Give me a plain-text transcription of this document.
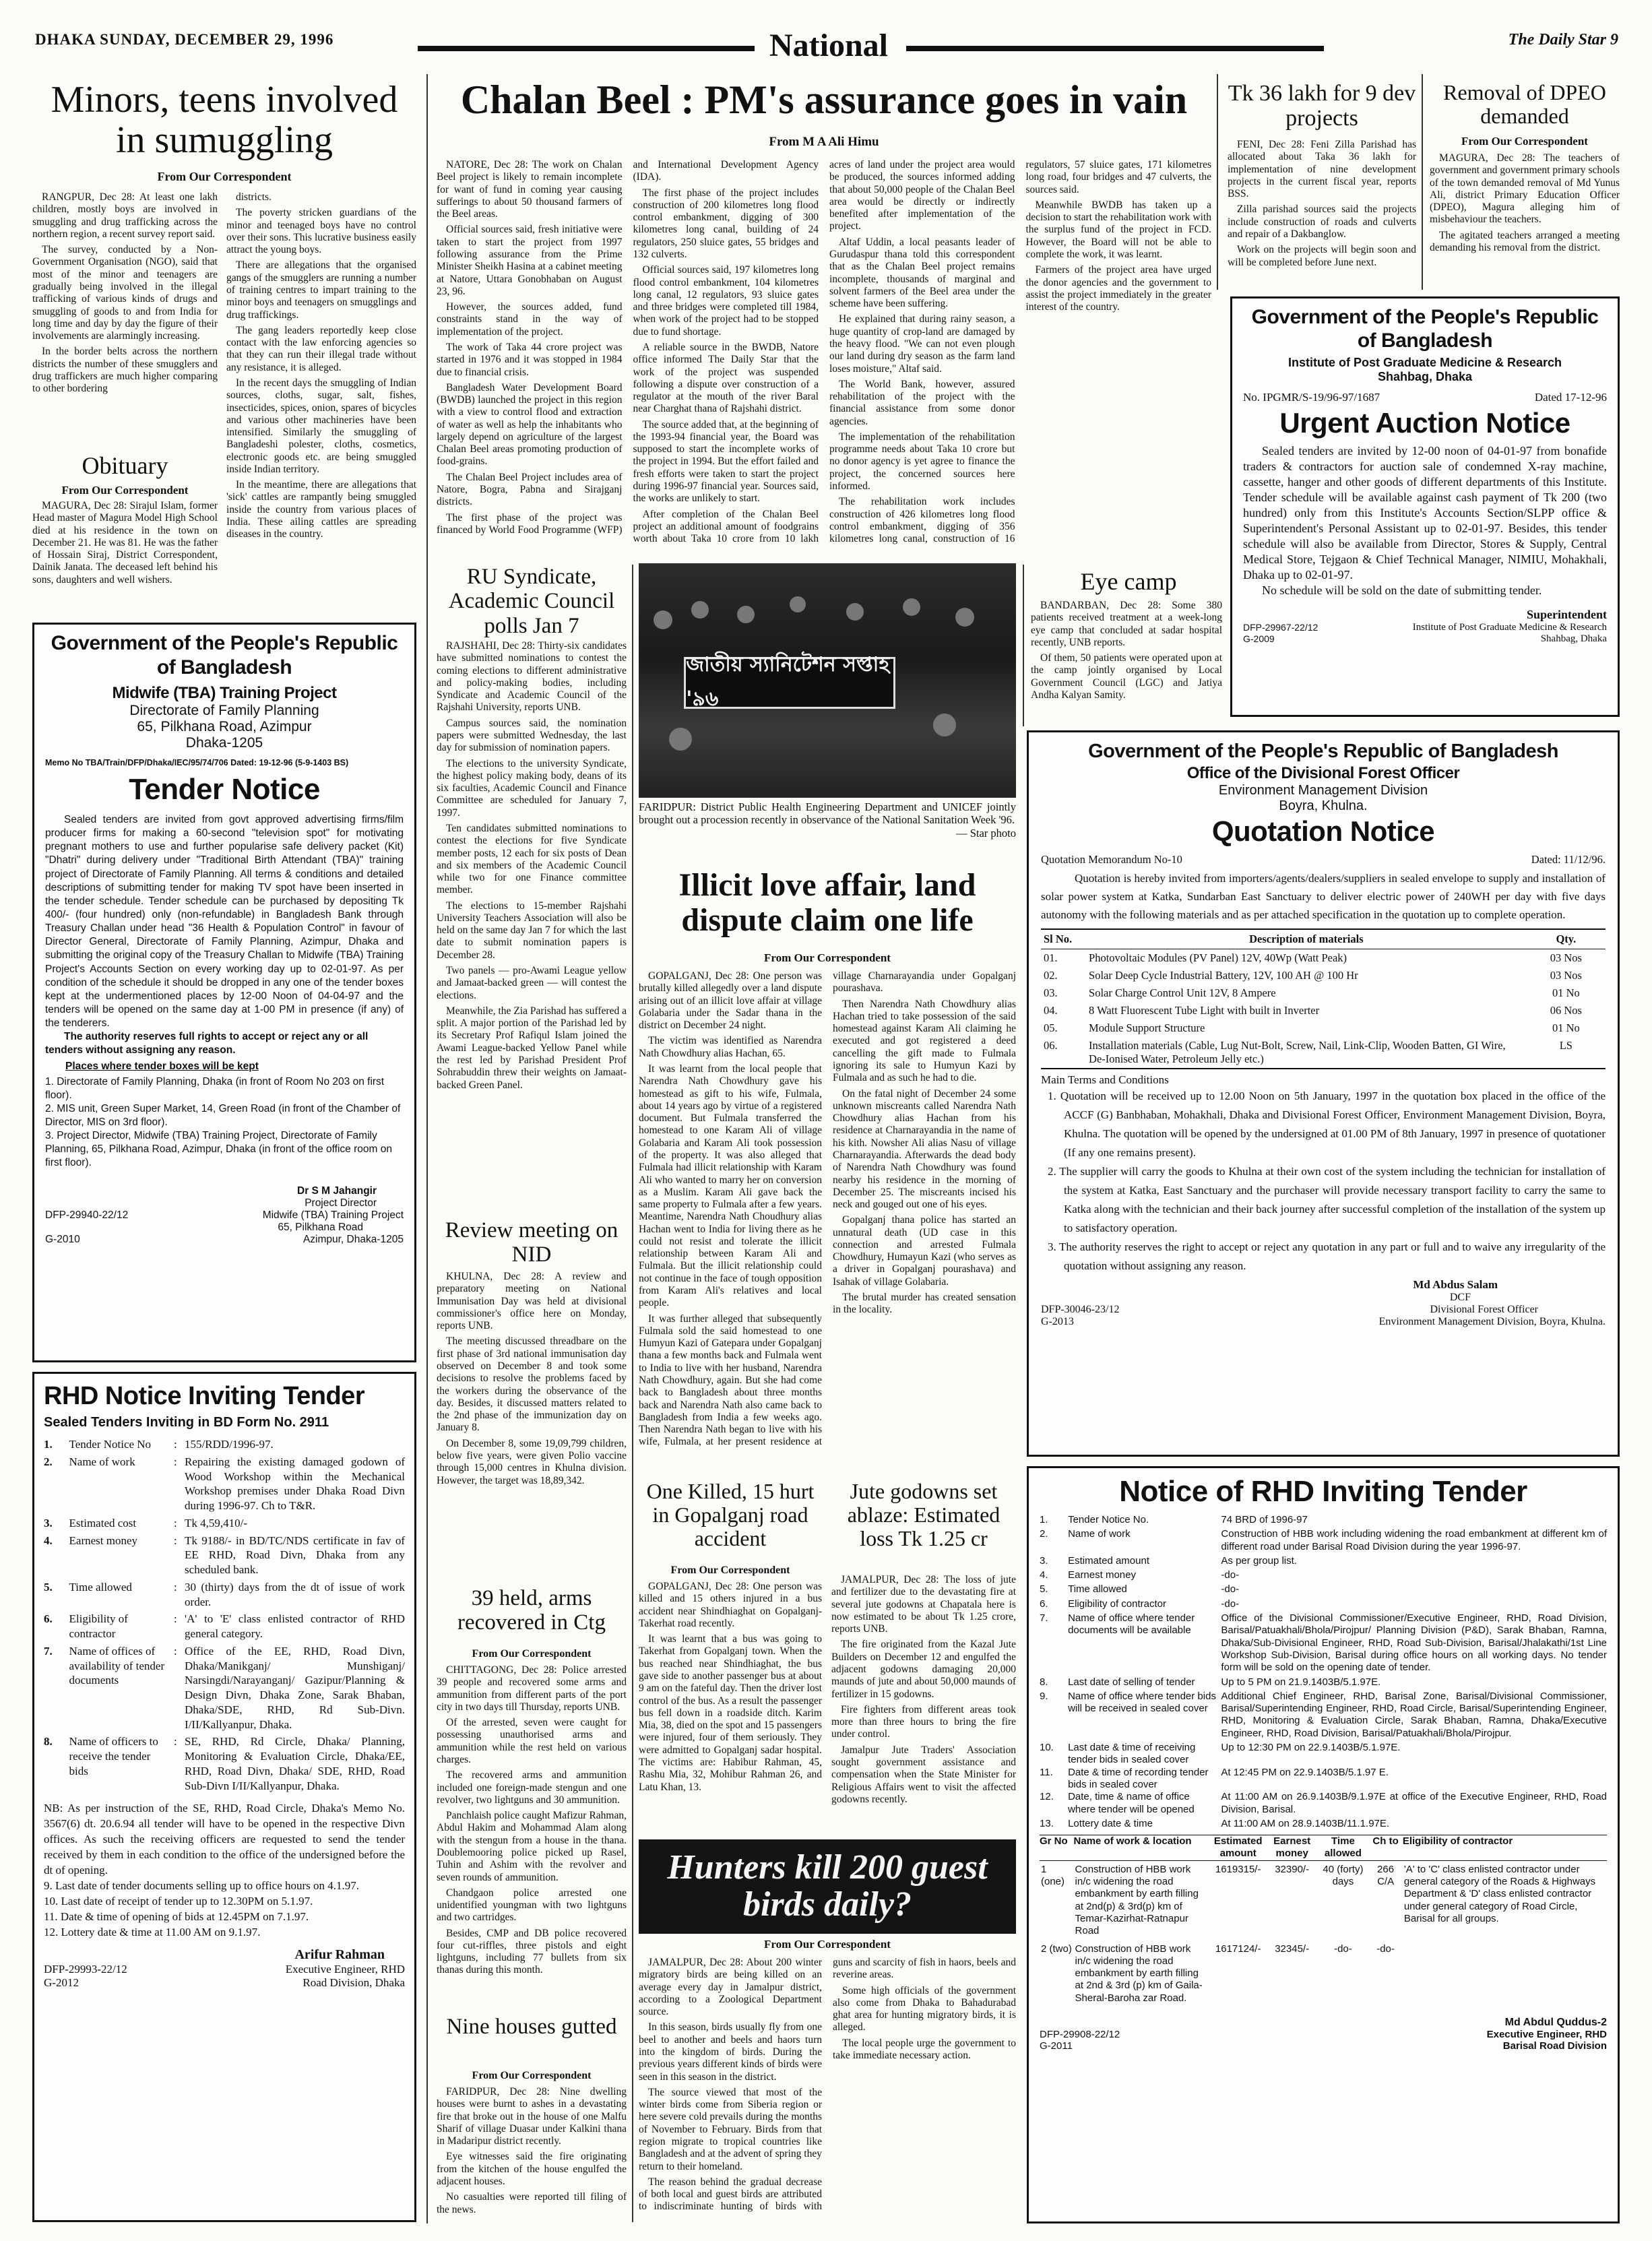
DHAKA SUNDAY, DECEMBER 29, 1996	National	The Daily Star 9
Minors, teens involved in sumuggling
From Our Correspondent

RANGPUR, Dec 28: At least one lakh children, mostly boys are involved in smuggling and drug trafficking across the northern region, a recent survey report said.

The survey, conducted by a Non-Government Organisation (NGO), said that most of the minor and teenagers are gradually being involved in the illegal trafficking of various kinds of drugs and smuggling of goods to and from India for long time and day by day the figure of their involvements are alarmingly increasing.

In the border belts across the northern districts the number of these smugglers and drug traffickers are much higher comparing to other bordering

districts.

The poverty stricken guardians of the minor and teenaged boys have no control over their sons. This lucrative business easily attract the young boys.

There are allegations that the organised gangs of the smugglers are running a number of training centres to impart training to the minor boys and teenagers on smugglings and drug traffickings.

The gang leaders reportedly keep close contact with the law enforcing agencies so that they can run their illegal trade without any resistance, it is alleged.

In the recent days the smuggling of Indian sources, cloths, sugar, salt, fishes, insecticides, spices, onion, spares of bicycles and various other machineries have been intensified. Similarly the smuggling of Bangladeshi polester, cloths, cosmetics, electronic goods etc. are being smuggled inside Indian territory.

In the meantime, there are allegations that 'sick' cattles are rampantly being smuggled inside the country from various places of India. These ailing cattles are spreading diseases in the country.

Obituary
From Our Correspondent

MAGURA, Dec 28: Sirajul Islam, former Head master of Magura Model High School died at his residence in the town on December 21. He was 81. He was the father of Hossain Siraj, District Correspondent, Dainik Janata. The deceased left behind his sons, daughters and well wishers.

Government of the People's Republic of Bangladesh
Midwife (TBA) Training Project
Directorate of Family Planning
65, Pilkhana Road, Azimpur
Dhaka-1205
Memo No TBA/Train/DFP/Dhaka/IEC/95/74/706 Dated: 19-12-96 (5-9-1403 BS)
Tender Notice
Sealed tenders are invited from govt approved advertising firms/film producer firms for making a 60-second "television spot" for motivating pregnant mothers to use and further popularise safe delivery packet (Kit) "Dhatri" during delivery under "Traditional Birth Attendant (TBA)" training project of Directorate of Family Planning. All terms & conditions and detailed descriptions of submitting tender for making TV spot have been inserted in the tender schedule. Tender schedule can be purchased by depositing Tk 400/- (four hundred) only (non-refundable) in Bangladesh Bank through Treasury Challan under head "36 Health & Population Control" in favour of Director General, Directorate of Family Planning, Azimpur, Dhaka and submitting the original copy of the Treasury Challan to Midwife (TBA) Training Project's Accounts Section on every working day up to 02-01-97. As per condition of the schedule it should be dropped in any one of the tender boxes kept at the undermentioned places by 12-00 Noon of 04-04-97 and the tenders will be opened on the same day at 1-00 PM in presence (if any) of the tenderers.
The authority reserves full rights to accept or reject any or all tenders without assigning any reason.
Places where tender boxes will be kept
1. Directorate of Family Planning, Dhaka (in front of Room No 203 on first floor).
2. MIS unit, Green Super Market, 14, Green Road (in front of the Chamber of Director, MIS on 3rd floor).
3. Project Director, Midwife (TBA) Training Project, Directorate of Family Planning, 65, Pilkhana Road, Azimpur, Dhaka (in front of the office room on first floor).
Dr S M Jahangir
Project Director
DFP-29940-22/12	Midwife (TBA) Training Project
65, Pilkhana Road
G-2010	Azimpur, Dhaka-1205
RHD Notice Inviting Tender
Sealed Tenders Inviting in BD Form No. 2911
1.	Tender Notice No	:	155/RDD/1996-97.
2.	Name of work	:	Repairing the existing damaged godown of Wood Workshop within the Mechanical Workshop premises under Dhaka Road Divn during 1996-97. Ch to T&R.
3.	Estimated cost	:	Tk 4,59,410/-
4.	Earnest money	:	Tk 9188/- in BD/TC/NDS certificate in fav of EE RHD, Road Divn, Dhaka from any scheduled bank.
5.	Time allowed	:	30 (thirty) days from the dt of issue of work order.
6.	Eligibility of contractor	:	'A' to 'E' class enlisted contractor of RHD general category.
7.	Name of offices of availability of tender documents	:	Office of the EE, RHD, Road Divn, Dhaka/Manikganj/ Munshiganj/ Narsingdi/Narayanganj/ Gazipur/Planning & Design Divn, Dhaka Zone, Sarak Bhaban, Dhaka/SDE, RHD, Rd Sub-Divn. I/II/Kallyanpur, Dhaka.
8.	Name of officers to receive the tender bids	:	SE, RHD, Rd Circle, Dhaka/ Planning, Monitoring & Evaluation Circle, Dhaka/EE, RHD, Road Divn, Dhaka/ SDE, RHD, Road Sub-Divn I/II/Kallyanpur, Dhaka.
NB: As per instruction of the SE, RHD, Road Circle, Dhaka's Memo No. 3567(6) dt. 20.6.94 all tender will have to be opened in the respective Divn offices. As such the receiving officers are requested to send the tender received by them in each condition to the office of the undersigned before the dt of opening.
9. Last date of tender documents selling up to office hours on 4.1.97.
10. Last date of receipt of tender up to 12.30PM on 5.1.97.
11. Date & time of opening of bids at 12.45PM on 7.1.97.
12. Lottery date & time at 11.00 AM on 9.1.97.
Arifur Rahman
DFP-29993-22/12	Executive Engineer, RHD
G-2012	Road Division, Dhaka
Chalan Beel : PM's assurance goes in vain
From M A Ali Himu

NATORE, Dec 28: The work on Chalan Beel project is likely to remain incomplete for want of fund in coming year causing sufferings to about 50 thousand farmers of the Beel areas.

Official sources said, fresh initiative were taken to start the project from 1997 following assurance from the Prime Minister Sheikh Hasina at a cabinet meeting at Natore, Uttara Gonobhaban on August 23, 96.

However, the sources added, fund constraints stand in the way of implementation of the project.

The work of Taka 44 crore project was started in 1976 and it was stopped in 1984 due to financial crisis.

Bangladesh Water Development Board (BWDB) launched the project in this region with a view to control flood and extraction of water as well as help the inhabitants who largely depend on agriculture of the largest Chalan Beel areas promoting production of food-grains.

The Chalan Beel Project includes area of Natore, Bogra, Pabna and Sirajganj districts.

The first phase of the project was financed by World Food Programme (WFP) and International Development Agency (IDA).

The first phase of the project includes construction of 200 kilometres long flood control embankment, digging of 300 kilometres long canal, building of 24 regulators, 250 sluice gates, 55 bridges and 132 culverts.

Official sources said, 197 kilometres long flood control embankment, 104 kilometres long canal, 12 regulators, 93 sluice gates and three bridges were completed till 1984, when work of the project had to be stopped due to fund shortage.

A reliable source in the BWDB, Natore office informed The Daily Star that the work of the project was suspended following a dispute over construction of a regulator at the mouth of the river Baral near Charghat thana of Rajshahi district.

The source added that, at the beginning of the 1993-94 financial year, the Board was supposed to start the incomplete works of the project in 1994. But the effort failed and fresh efforts were taken to start the project during 1996-97 financial year. Sources said, the works are unlikely to start.

After completion of the Chalan Beel project an additional amount of foodgrains worth about Taka 10 crore from 10 lakh acres of land under the project area would be produced, the sources informed adding that about 50,000 people of the Chalan Beel area would be directly or indirectly benefited after implementation of the project.

Altaf Uddin, a local peasants leader of Gurudaspur thana told this correspondent that as the Chalan Beel project remains incomplete, thousands of marginal and solvent farmers of the Beel area under the scheme have been suffering.

He explained that during rainy season, a huge quantity of crop-land are damaged by the heavy flood. "We can not even plough our land during dry season as the farm land loses moisture," Altaf said.

The World Bank, however, assured rehabilitation of the project with the financial assistance from some donor agencies.

The implementation of the rehabilitation programme needs about Taka 10 crore but no donor agency is yet agree to finance the project, the concerned sources here informed.

The rehabilitation work includes construction of 426 kilometres long flood control embankment, digging of 356 kilometres long canal, construction of 16 regulators, 57 sluice gates, 171 kilometres long road, four bridges and 47 culverts, the sources said.

Meanwhile BWDB has taken up a decision to start the rehabilitation work with the surplus fund of the project in FCD. However, the Board will not be able to complete the work, it was learnt.

Farmers of the project area have urged the donor agencies and the government to assist the project immediately in the greater interest of the country.

RU Syndicate, Academic Council polls Jan 7

RAJSHAHI, Dec 28: Thirty-six candidates have submitted nominations to contest the coming elections to different administrative and policy-making bodies, including Syndicate and Academic Council of the Rajshahi University, reports UNB.

Campus sources said, the nomination papers were submitted Wednesday, the last day for submission of nomination papers.

The elections to the university Syndicate, the highest policy making body, deans of its six faculties, Academic Council and Finance Committee are scheduled for January 7, 1997.

Ten candidates submitted nominations to contest the elections for five Syndicate member posts, 12 each for six posts of Dean and six members of the Academic Council while two for one Finance committee member.

The elections to 15-member Rajshahi University Teachers Association will also be held on the same day Jan 7 for which the last date to submit nomination papers is December 28.

Two panels — pro-Awami League yellow and Jamaat-backed green — will contest the elections.

Meanwhile, the Zia Parishad has suffered a split. A major portion of the Parishad led by its Secretary Prof Rafiqul Islam joined the Awami League-backed Yellow Panel while the rest led by Parishad President Prof Sohrabuddin threw their weights on Jamaat-backed Green Panel.

Review meeting on NID

KHULNA, Dec 28: A review and preparatory meeting on National Immunisation Day was held at divisional commissioner's office here on Monday, reports UNB.

The meeting discussed threadbare on the first phase of 3rd national immunisation day observed on December 8 and took some decisions to resolve the problems faced by the workers during the observance of the day. Besides, it discussed matters related to the 2nd phase of the immunization day on January 8.

On December 8, some 19,09,799 children, below five years, were given Polio vaccine through 15,000 centres in Khulna division. However, the target was 18,89,342.

39 held, arms recovered in Ctg
From Our Correspondent

CHITTAGONG, Dec 28: Police arrested 39 people and recovered some arms and ammunition from different parts of the port city in two days till Thursday, reports UNB.

Of the arrested, seven were caught for possessing unauthorised arms and ammunition while the rest held on various charges.

The recovered arms and ammunition included one foreign-made stengun and one revolver, two lightguns and 30 ammunition.

Panchlaish police caught Mafizur Rahman, Abdul Hakim and Mohammad Alam along with the stengun from a house in the thana. Doublemooring police picked up Rasel, Tuhin and Ashim with the revolver and seven rounds of ammunition.

Chandgaon police arrested one unidentified youngman with two lightguns and two cartridges.

Besides, CMP and DB police recovered four cut-riffles, three pistols and eight lightguns, including 77 bullets from six thanas during this month.

Nine houses gutted
From Our Correspondent

FARIDPUR, Dec 28: Nine dwelling houses were burnt to ashes in a devastating fire that broke out in the house of one Malfu Sharif of village Duasar under Kalkini thana in Madaripur district recently.

Eye witnesses said the fire originating from the kitchen of the house engulfed the adjacent houses.

No casualties were reported till filing of the news.

জাতীয় স্যানিটেশন সপ্তাহ '৯৬
FARIDPUR: District Public Health Engineering Department and UNICEF jointly brought out a procession recently in observance of the National Sanitation Week '96.
— Star photo
Illicit love affair, land dispute claim one life
From Our Correspondent

GOPALGANJ, Dec 28: One person was brutally killed allegedly over a land dispute arising out of an illicit love affair at village Golabaria under the Sadar thana in the district on December 24 night.

The victim was identified as Narendra Nath Chowdhury alias Hachan, 65.

It was learnt from the local people that Narendra Nath Chowdhury gave his homestead as gift to his wife, Fulmala, about 14 years ago by virtue of a registered document. But Fulmala transferred the homestead to one Karam Ali of village Golabaria and Karam Ali took possession of the property. It was also alleged that Fulmala had illicit relationship with Karam Ali who wanted to marry her on conversion as a Muslim. Karam Ali gave back the same property to Fulmala after a few years. Meantime, Narendra Nath Choudhury alias Hachan went to India for living there as he could not resist and tolerate the illicit relationship between Karam Ali and Fulmala. But the illicit relationship could not continue in the face of tough opposition from Karam Ali's relatives and local people.

It was further alleged that subsequently Fulmala sold the said homestead to one Humyun Kazi of Gatepara under Gopalganj thana a few months back and Fulmala went to India to live with her husband, Narendra Nath Chowdhury, again. But she had come back to Bangladesh about three months back and Narendra Nath also came back to Bangladesh from India a few weeks ago. Then Narendra Nath began to live with his wife, Fulmala, at her present residence at village Charnarayandia under Gopalganj pourashava.

Then Narendra Nath Chowdhury alias Hachan tried to take possession of the said homestead against Karam Ali claiming he executed and got registered a deed cancelling the gift made to Fulmala ignoring its sale to Humyun Kazi by Fulmala and as such he had to die.

On the fatal night of December 24 some unknown miscreants called Narendra Nath Chowdhury alias Hachan from his residence at Charnarayandia in the name of his kith. Nowsher Ali alias Nasu of village Charnarayandia. Afterwards the dead body of Narendra Nath Chowdhury was found nearby his residence in the morning of December 25. The miscreants incised his neck and gouged out one of his eyes.

Gopalganj thana police has started an unnatural death (UD case in this connection and arrested Fulmala Chowdhury, Humayun Kazi (who serves as a driver in Gopalganj pourashava) and Isahak of village Golabaria.

The brutal murder has created sensation in the locality.

One Killed, 15 hurt in Gopalganj road accident
From Our Correspondent

GOPALGANJ, Dec 28: One person was killed and 15 others injured in a bus accident near Shindhiaghat on Gopalganj-Takerhat road recently.

It was learnt that a bus was going to Takerhat from Gopalganj town. When the bus reached near Shindhiaghat, the bus gave side to another passenger bus at about 9 am on the fateful day. Then the driver lost control of the bus. As a result the passenger bus fell down in a roadside ditch. Karim Mia, 38, died on the spot and 15 passengers were injured, four of them seriously. They were admitted to Gopalganj sadar hospital. The victims are: Habibur Rahman, 45, Rashu Mia, 32, Mohibur Rahman 26, and Latu Khan, 13.

Jute godowns set ablaze: Estimated loss Tk 1.25 cr

JAMALPUR, Dec 28: The loss of jute and fertilizer due to the devastating fire at several jute godowns at Chapatala here is now estimated to be about Tk 1.25 crore, reports UNB.

The fire originated from the Kazal Jute Builders on December 12 and engulfed the adjacent godowns damaging 20,000 maunds of jute and about 50,000 maunds of fertilizer in 15 godowns.

Fire fighters from different areas took more than three hours to bring the fire under control.

Jamalpur Jute Traders' Association sought government assistance and compensation when the State Minister for Religious Affairs went to visit the affected godowns recently.

Hunters kill 200 guest birds daily?
From Our Correspondent

JAMALPUR, Dec 28: About 200 winter migratory birds are being killed on an average every day in Jamalpur district, according to a Zoological Department source.

In this season, birds usually fly from one beel to another and beels and haors turn into the kingdom of birds. During the previous years different kinds of birds were seen in this season in the district.

The source viewed that most of the winter birds come from Siberia region or here severe cold prevails during the months of November to February. Birds from that region migrate to tropical countries like Bangladesh and at the advent of spring they return to their homeland.

The reason behind the gradual decrease of both local and guest birds are attributed to indiscriminate hunting of birds with guns and scarcity of fish in haors, beels and reverine areas.

Some high officials of the government also come from Dhaka to Bahadurabad ghat area for hunting migratory birds, it is alleged.

The local people urge the government to take immediate necessary action.

Tk 36 lakh for 9 dev projects

FENI, Dec 28: Feni Zilla Parishad has allocated about Taka 36 lakh for implementation of nine development projects in the current fiscal year, reports BSS.

Zilla parishad sources said the projects include construction of roads and culverts and repair of a Dakbanglow.

Work on the projects will begin soon and will be completed before June next.

Removal of DPEO demanded
From Our Correspondent

MAGURA, Dec 28: The teachers of government and government primary schools of the town demanded removal of Md Yunus Ali, district Primary Education Officer (DPEO), Magura alleging him of misbehaviour the teachers.

The agitated teachers arranged a meeting demanding his removal from the district.

Government of the People's Republic of Bangladesh
Institute of Post Graduate Medicine & Research
Shahbag, Dhaka
No. IPGMR/S-19/96-97/1687	Dated 17-12-96
Urgent Auction Notice
Sealed tenders are invited by 12-00 noon of 04-01-97 from bonafide traders & contractors for auction sale of condemned X-ray machine, cassette, hanger and other goods of different departments of this Institute. Tender schedule will be available against cash payment of Tk 200 (two hundred) only from this Institute's Accounts Section/SLPP office & Superintendent's Personal Assistant up to 02-01-97. Besides, this tender schedule will also be available from Director, Stores & Supply, Central Medical Store, Tejgaon & Chief Technical Manager, NIMIU, Mohakhali, Dhaka up to 02-01-97.
No schedule will be sold on the date of submitting tender.
Superintendent
DFP-29967-22/12	Institute of Post Graduate Medicine & Research
G-2009	Shahbag, Dhaka
Eye camp

BANDARBAN, Dec 28: Some 380 patients received treatment at a week-long eye camp that concluded at sadar hospital recently, UNB reports.

Of them, 50 patients were operated upon at the camp jointly organised by Local Government Council (LGC) and Jatiya Andha Kalyan Samity.

Government of the People's Republic of Bangladesh
Office of the Divisional Forest Officer
Environment Management Division
Boyra, Khulna.
Quotation Notice
Quotation Memorandum No-10	Dated: 11/12/96.
Quotation is hereby invited from importers/agents/dealers/suppliers in sealed envelope to supply and installation of solar power system at Katka, Sundarban East Sanctuary to deliver electric power of 240WH per day with five days autonomy with the following materials and as per attached specification in the quotation up to complete operation.
Sl No.	Description of materials	Qty.
01.	Photovoltaic Modules (PV Panel) 12V, 40Wp (Watt Peak)	03 Nos
02.	Solar Deep Cycle Industrial Battery, 12V, 100 AH @ 100 Hr	03 Nos
03.	Solar Charge Control Unit 12V, 8 Ampere	01 No
04.	8 Watt Fluorescent Tube Light with built in Inverter	06 Nos
05.	Module Support Structure	01 No
06.	Installation materials (Cable, Lug Nut-Bolt, Screw, Nail, Link-Clip, Wooden Batten, GI Wire, De-Ionised Water, Petroleum Jelly etc.)	LS
Main Terms and Conditions
1. Quotation will be received up to 12.00 Noon on 5th January, 1997 in the quotation box placed in the office of the ACCF (G) Banbhaban, Mohakhali, Dhaka and Divisional Forest Officer, Environment Management Division, Boyra, Khulna. The quotation will be opened by the undersigned at 01.00 PM of 8th January, 1997 in presence of quotationer (If any one remains present).
2. The supplier will carry the goods to Khulna at their own cost of the system including the technician for installation of the system at Katka, East Sanctuary and the purchaser will provide necessary transport facility to carry the same to Katka along with the technician and their back journey after successful completion of the installation of the system up to satisfactory operation.
3. The authority reserves the right to accept or reject any quotation in any part or full and to waive any irregularity of the quotation without assigning any reason.
Md Abdus Salam
DCF
DFP-30046-23/12	Divisional Forest Officer
G-2013	Environment Management Division, Boyra, Khulna.
Notice of RHD Inviting Tender
1.	Tender Notice No.	74 BRD of 1996-97
2.	Name of work	Construction of HBB work including widening the road embankment at different km of different road under Barisal Road Division during the year 1996-97.
3.	Estimated amount	As per group list.
4.	Earnest money	-do-
5.	Time allowed	-do-
6.	Eligibility of contractor	-do-
7.	Name of office where tender documents will be available	Office of the Divisional Commissioner/Executive Engineer, RHD, Road Division, Barisal/Patuakhali/Bhola/Pirojpur/ Planning Division (P&D), Sarak Bhaban, Ramna, Dhaka/Sub-Divisional Engineer, RHD, Road Sub-Division, Barisal/Jhalakathi/1st Line Workshop Sub-Division, Barisal during office hours on all working days. No tender form will be sold on the opening date of tender.
8.	Last date of selling of tender	Up to 5 PM on 21.9.1403B/5.1.97E.
9.	Name of office where tender bids will be received in sealed cover	Additional Chief Engineer, RHD, Barisal Zone, Barisal/Divisional Commissioner, Barisal/Superintending Engineer, RHD, Road Circle, Barisal/Superintending Engineer, RHD, Monitoring & Evaluation Circle, Sarak Bhaban, Ramna, Dhaka/Executive Engineer, RHD, Road Division, Barisal/Patuakhali/Bhola/Pirojpur.
10.	Last date & time of receiving tender bids in sealed cover	Up to 12:30 PM on 22.9.1403B/5.1.97E.
11.	Date & time of recording tender bids in sealed cover	At 12:45 PM on 22.9.1403B/5.1.97 E.
12.	Date, time & name of office where tender will be opened	At 11:00 AM on 26.9.1403B/9.1.97E at office of the Executive Engineer, RHD, Road Division, Barisal.
13.	Lottery date & time	At 11:00 AM on 28.9.1403B/11.1.97E.
Gr No	Name of work & location	Estimated amount	Earnest money	Time allowed	Ch to	Eligibility of contractor
1 (one)	Construction of HBB work in/c widening the road embankment by earth filling at 2nd(p) & 3rd(p) km of Temar-Kazirhat-Ratnapur Road	1619315/-	32390/-	40 (forty) days	266 C/A	'A' to 'C' class enlisted contractor under general category of the Roads & Highways Department & 'D' class enlisted contractor under general category of Road Circle, Barisal for all groups.
2 (two)	Construction of HBB work in/c widening the road embankment by earth filling at 2nd & 3rd (p) km of Gaila-Sheral-Baroha zar Road.	1617124/-	32345/-	-do-	-do-	
Md Abdul Quddus-2
DFP-29908-22/12	Executive Engineer, RHD
G-2011	Barisal Road Division
